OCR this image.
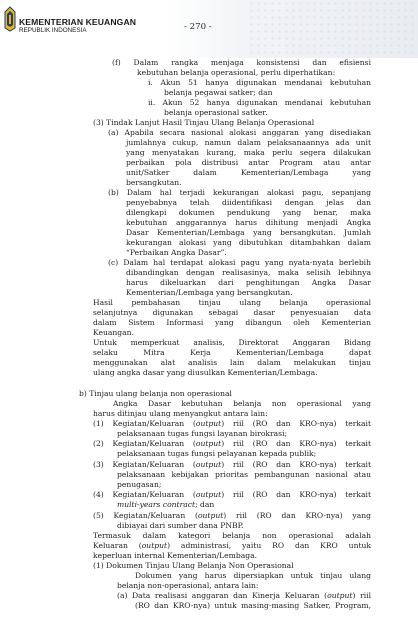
KEMENTERIAN KEUANGAN
REPUBLIK INDONESIA	- 270 -
(f) Dalam rangka menjaga konsistensi dan efisiensi
kebutuhan belanja operasional, perlu diperhatikan:
i. Akun 51 hanya digunakan mendanai kebutuhan
belanja pegawai satker; dan
ii. Akun 52 hanya digunakan mendanai kebutuhan
belanja operasional satker.
(3) Tindak Lanjut Hasil Tinjau Ulang Belanja Operasional
(a) Apabila secara nasional alokasi anggaran yang disediakan
jumlahnya cukup, namun dalam pelaksanaannya ada unit
yang menyatakan kurang, maka perlu segera dilakukan
perbaikan pola distribusi antar Program atau antar
unit/Satker dalam Kementerian/Lembaga yang
bersangkutan.
(b) Dalam hal terjadi kekurangan alokasi pagu, sepanjang
penyebabnya telah diidentifikasi dengan jelas dan
dilengkapi dokumen pendukung yang benar, maka
kebutuhan anggarannya harus dihitung menjadi Angka
Dasar Kementerian/Lembaga yang bersangkutan. Jumlah
kekurangan alokasi yang dibutuhkan ditambahkan dalam
“Perbaikan Angka Dasar”.
(c) Dalam hal terdapat alokasi pagu yang nyata-nyata berlebih
dibandingkan dengan realisasinya, maka selisih lebihnya
harus dikeluarkan dari penghitungan Angka Dasar
Kementerian/Lembaga yang bersangkutan.
Hasil pembahasan tinjau ulang belanja operasional
selanjutnya digunakan sebagai dasar penyesuaian data
dalam Sistem Informasi yang dibangun oleh Kementerian
Keuangan.
Untuk memperkuat analisis, Direktorat Anggaran Bidang
selaku Mitra Kerja Kementerian/Lembaga dapat
menggunakan alat analisis lain dalam melakukan tinjau
ulang angka dasar yang diusulkan Kementerian/Lembaga.
b) Tinjau ulang belanja non operasional
Angka Dasar kebutuhan belanja non operasional yang
harus ditinjau ulang menyangkut antara lain:
(1) Kegiatan/Keluaran (output) riil (RO dan KRO-nya) terkait
pelaksanaan tugas fungsi layanan birokrasi;
(2) Kegiatan/Keluaran (output) riil (RO dan KRO-nya) terkait
pelaksanaan tugas fungsi pelayanan kepada publik;
(3) Kegiatan/Keluaran (output) riil (RO dan KRO-nya) terkait
pelaksanaan kebijakan prioritas pembangunan nasional atau
penugasan;
(4) Kegiatan/Keluaran (output) riil (RO dan KRO-nya) terkait
multi-years contract; dan
(5) Kegiatan/Keluaran (output) riil (RO dan KRO-nya) yang
dibiayai dari sumber dana PNBP.
Termasuk dalam kategori belanja non operasional adalah
Keluaran (output) administrasi, yaitu RO dan KRO untuk
keperluan internal Kementerian/Lembaga.
(1) Dokumen Tinjau Ulang Belanja Non Operasional
Dokumen yang harus dipersiapkan untuk tinjau ulang
belanja non-operasional, antara lain:
(a) Data realisasi anggaran dan Kinerja Keluaran (output) riil
(RO dan KRO-nya) untuk masing-masing Satker, Program,
